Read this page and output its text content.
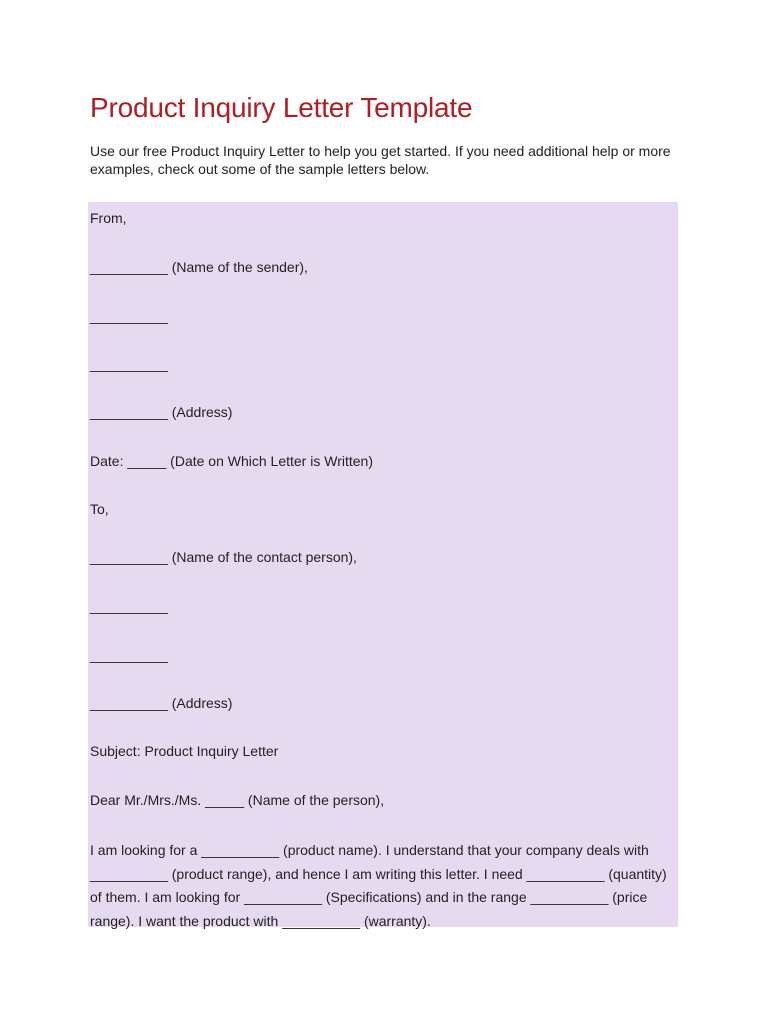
Product Inquiry Letter Template

Use our free Product Inquiry Letter to help you get started. If you need additional help or more examples, check out some of the sample letters below.

From,

__________ (Name of the sender),

__________

__________

__________ (Address)

Date: _____ (Date on Which Letter is Written)

To,

__________ (Name of the contact person),

__________

__________

__________ (Address)

Subject: Product Inquiry Letter

Dear Mr./Mrs./Ms. _____ (Name of the person),

I am looking for a __________ (product name). I understand that your company deals with __________ (product range), and hence I am writing this letter. I need __________ (quantity) of them. I am looking for __________ (Specifications) and in the range __________ (price range). I want the product with __________ (warranty).
